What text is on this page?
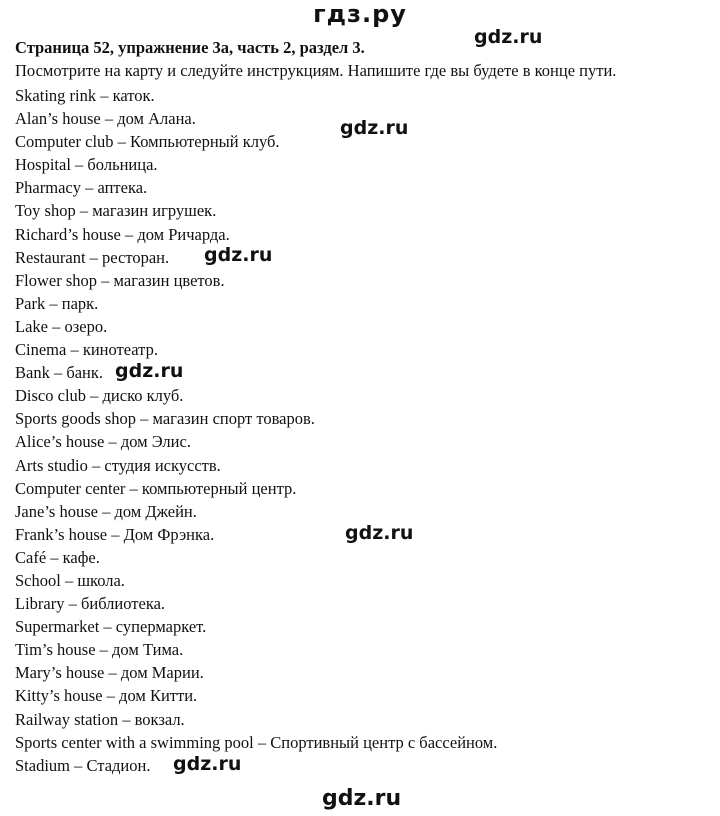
гдз.ру
Страница 52, упражнение 3a, часть 2, раздел 3.
Посмотрите на карту и следуйте инструкциям. Напишите где вы будете в конце пути.
Skating rink – каток.
Alan’s house – дом Алана.
Computer club – Компьютерный клуб.
Hospital – больница.
Pharmacy – аптека.
Toy shop – магазин игрушек.
Richard’s house – дом Ричарда.
Restaurant – ресторан.
Flower shop – магазин цветов.
Park – парк.
Lake – озеро.
Cinema – кинотеатр.
Bank – банк.
Disco club – диско клуб.
Sports goods shop – магазин спорт товаров.
Alice’s house – дом Элис.
Arts studio – студия искусств.
Computer center – компьютерный центр.
Jane’s house – дом Джейн.
Frank’s house – Дом Фрэнка.
Café – кафе.
School – школа.
Library – библиотека.
Supermarket – супермаркет.
Tim’s house – дом Тима.
Mary’s house – дом Марии.
Kitty’s house – дом Китти.
Railway station – вокзал.
Sports center with a swimming pool – Спортивный центр с бассейном.
Stadium – Стадион.
gdz.ru
gdz.ru
gdz.ru
gdz.ru
gdz.ru
gdz.ru
gdz.ru
